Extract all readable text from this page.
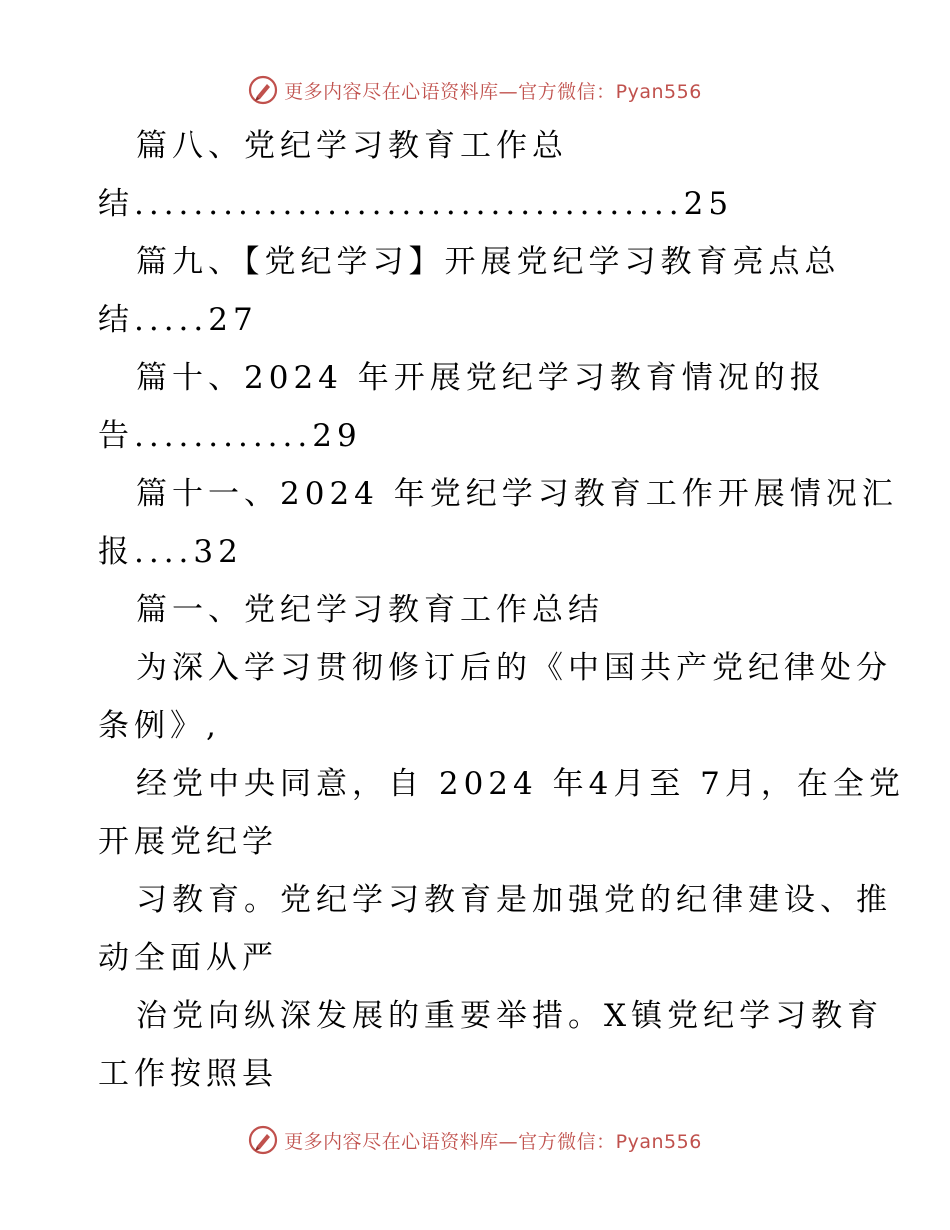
更多内容尽在心语资料库—官方微信：Pyan556
篇八、党纪学习教育工作总
结.....................................25
篇九、【党纪学习】开展党纪学习教育亮点总
结.....27
篇十、2024 年开展党纪学习教育情况的报
告............29
篇十一、2024 年党纪学习教育工作开展情况汇
报....32
篇一、党纪学习教育工作总结
为深入学习贯彻修订后的《中国共产党纪律处分
条例》,
经党中央同意，自 2024 年4月至 7月，在全党
开展党纪学
习教育。党纪学习教育是加强党的纪律建设、推
动全面从严
治党向纵深发展的重要举措。X镇党纪学习教育
工作按照县
更多内容尽在心语资料库—官方微信：Pyan556
